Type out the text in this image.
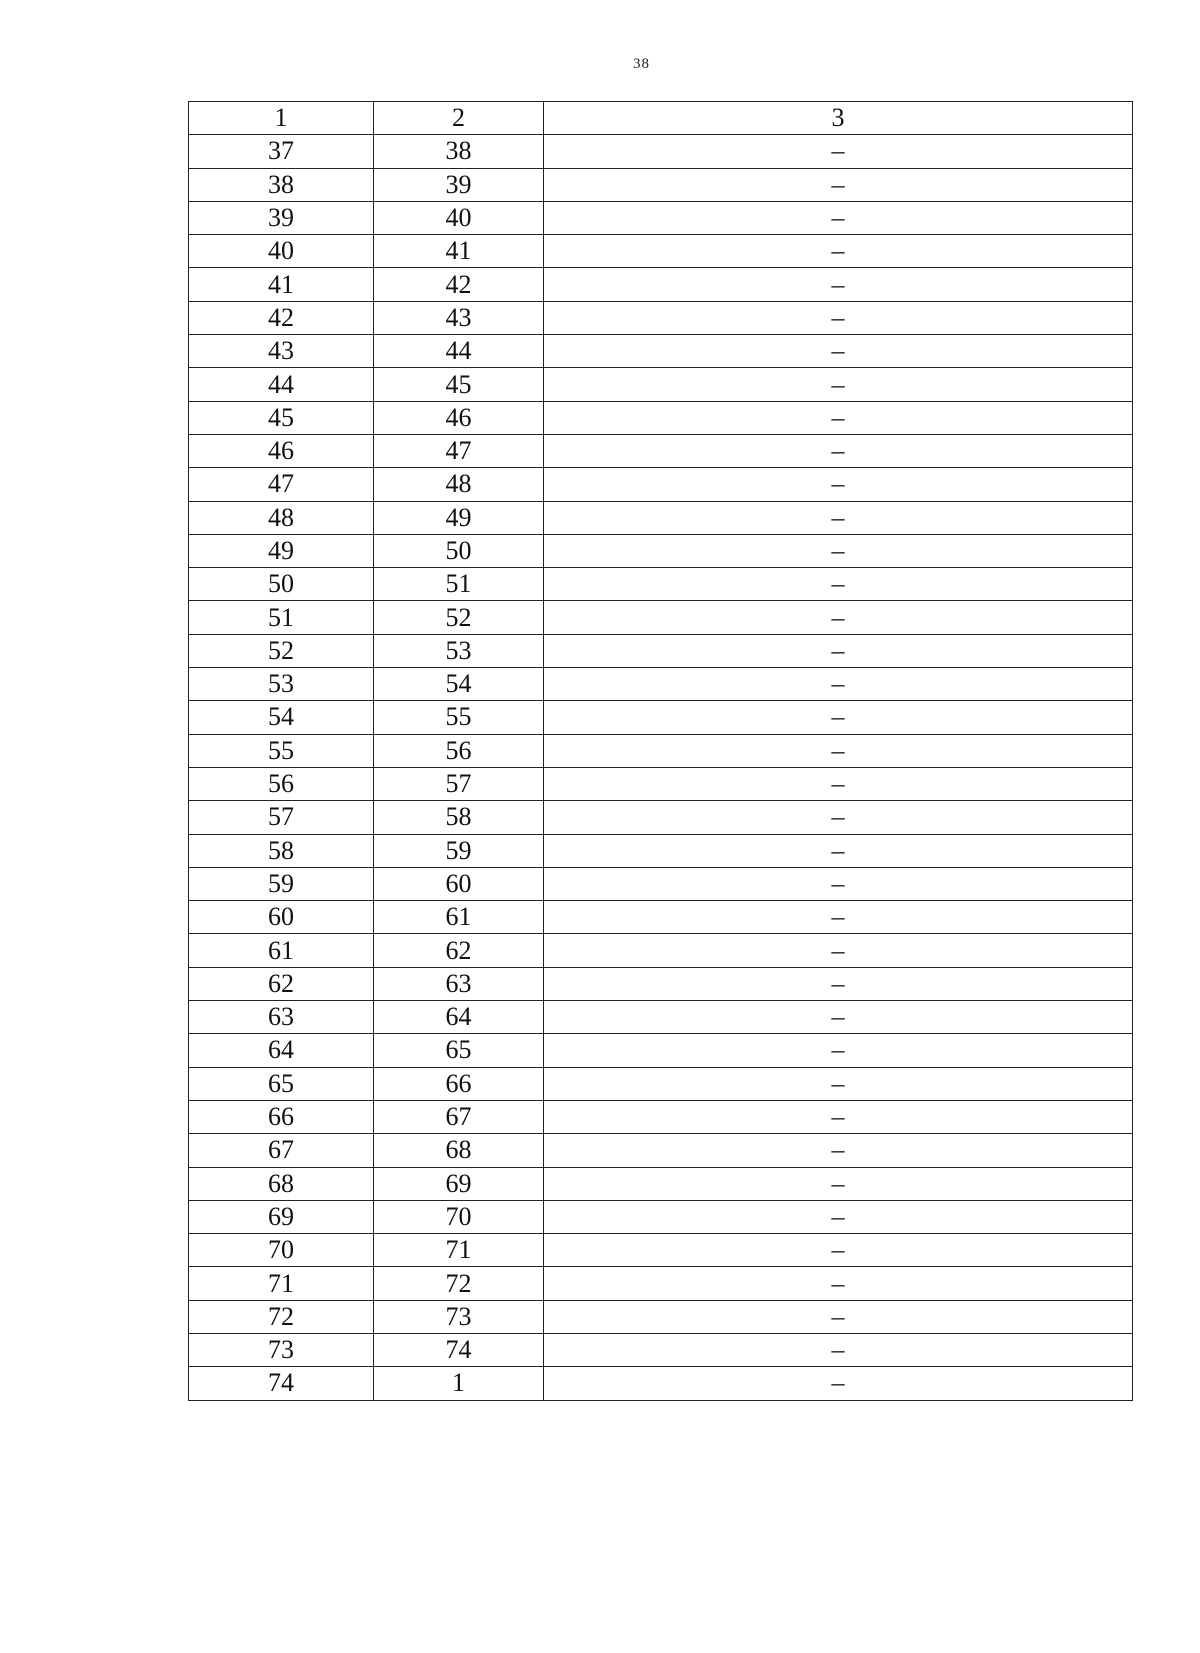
38
1	2	3
37	38	–
38	39	–
39	40	–
40	41	–
41	42	–
42	43	–
43	44	–
44	45	–
45	46	–
46	47	–
47	48	–
48	49	–
49	50	–
50	51	–
51	52	–
52	53	–
53	54	–
54	55	–
55	56	–
56	57	–
57	58	–
58	59	–
59	60	–
60	61	–
61	62	–
62	63	–
63	64	–
64	65	–
65	66	–
66	67	–
67	68	–
68	69	–
69	70	–
70	71	–
71	72	–
72	73	–
73	74	–
74	1	–
